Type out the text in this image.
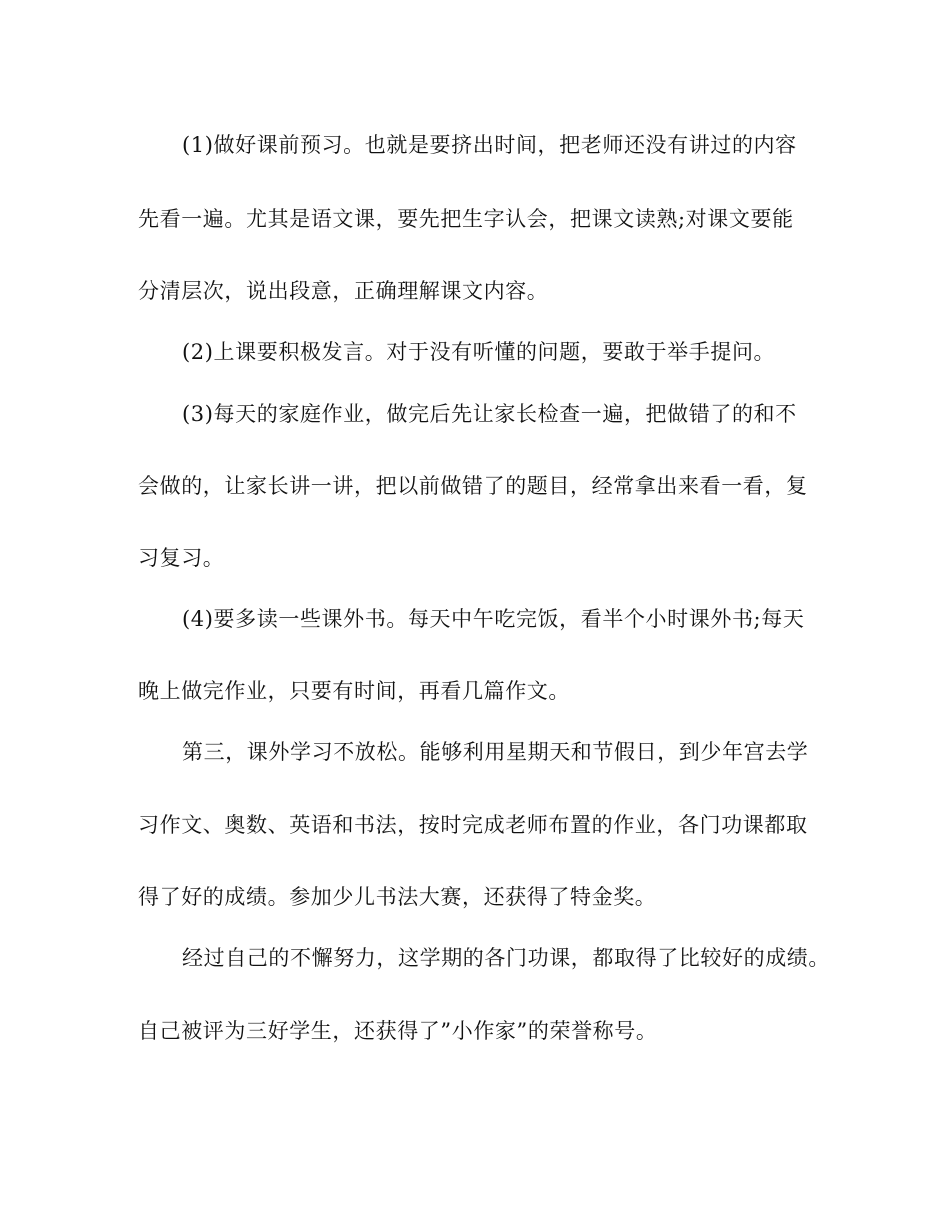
(1)做好课前预习。也就是要挤出时间，把老师还没有讲过的内容
先看一遍。尤其是语文课，要先把生字认会，把课文读熟;对课文要能
分清层次，说出段意，正确理解课文内容。
(2)上课要积极发言。对于没有听懂的问题，要敢于举手提问。
(3)每天的家庭作业，做完后先让家长检查一遍，把做错了的和不
会做的，让家长讲一讲，把以前做错了的题目，经常拿出来看一看，复
习复习。
(4)要多读一些课外书。每天中午吃完饭，看半个小时课外书;每天
晚上做完作业，只要有时间，再看几篇作文。
第三，课外学习不放松。能够利用星期天和节假日，到少年宫去学
习作文、奥数、英语和书法，按时完成老师布置的作业，各门功课都取
得了好的成绩。参加少儿书法大赛，还获得了特金奖。
经过自己的不懈努力，这学期的各门功课，都取得了比较好的成绩。
自己被评为三好学生，还获得了”小作家”的荣誉称号。
